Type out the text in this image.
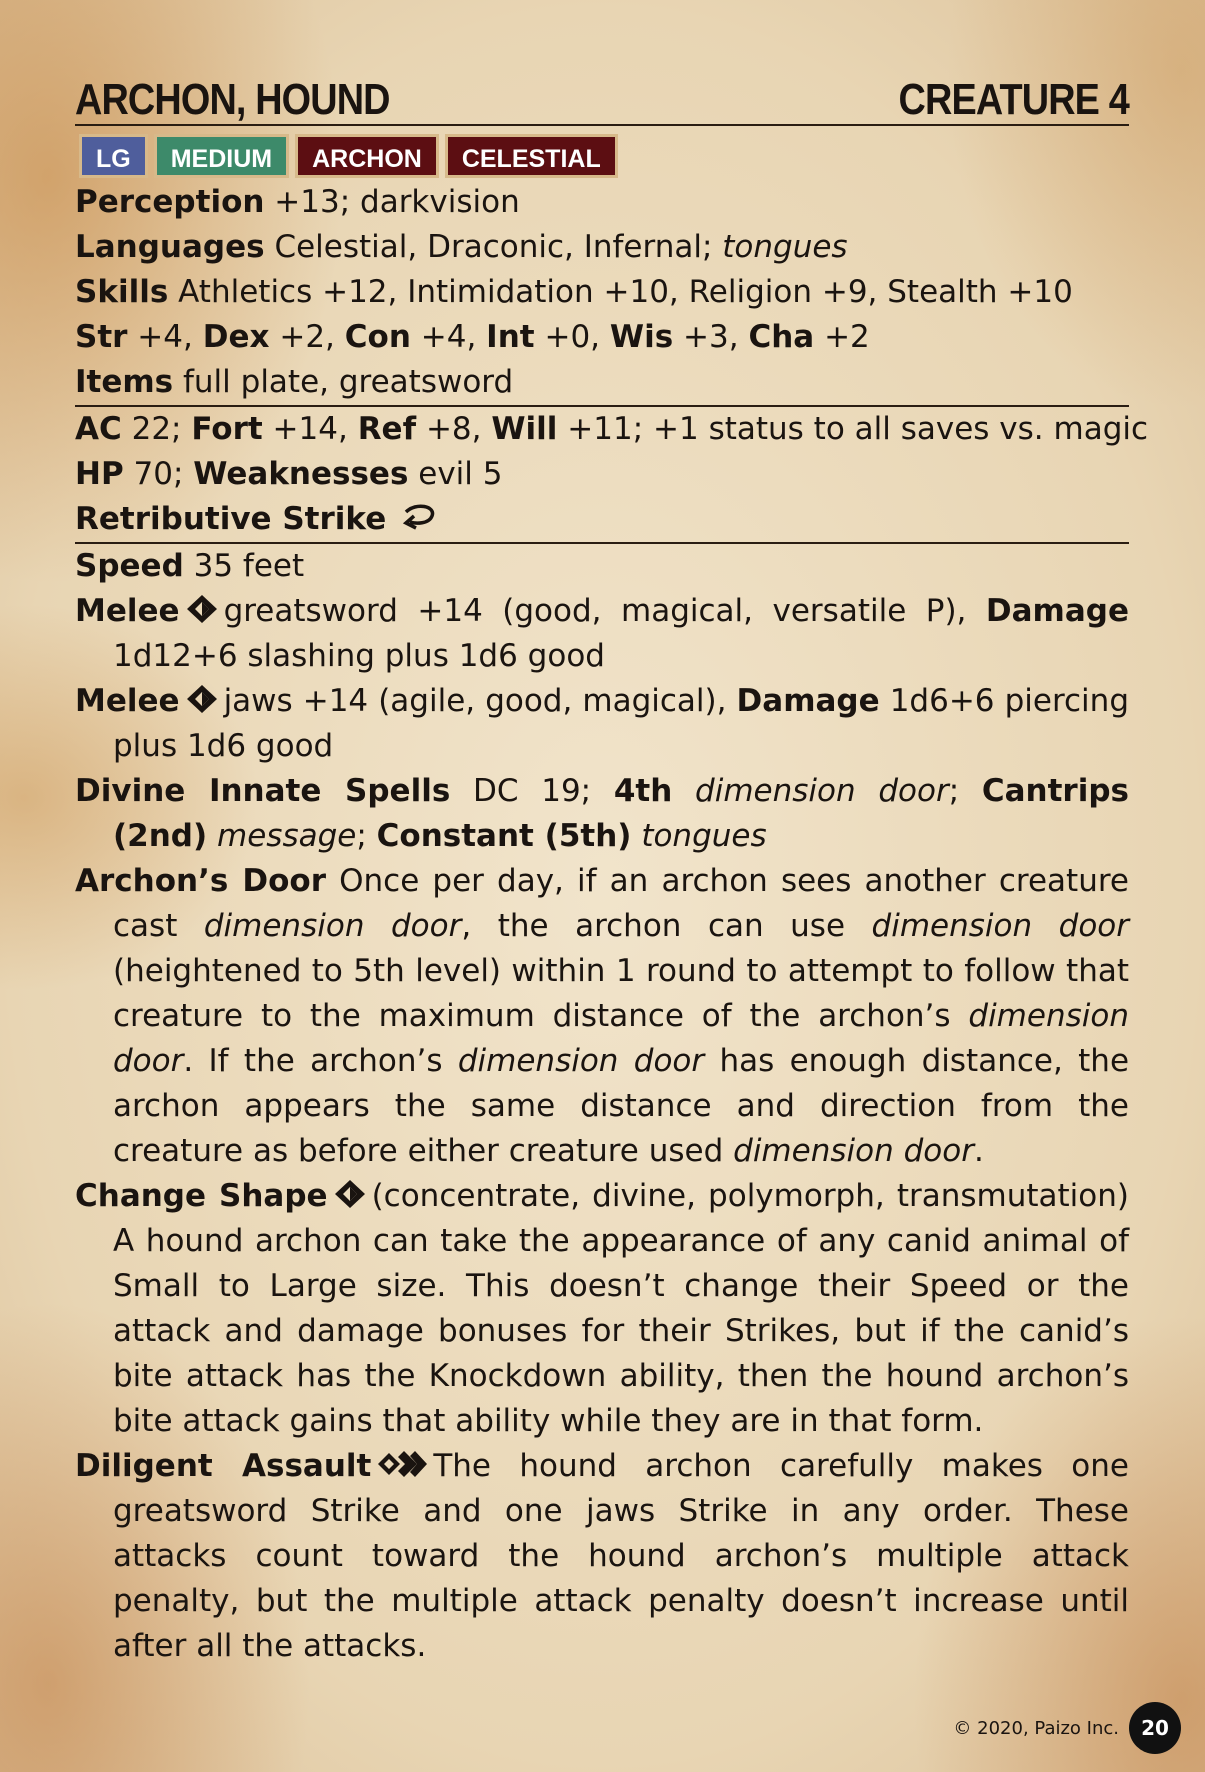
ARCHON, HOUND	CREATURE 4
LG	MEDIUM	ARCHON	CELESTIAL
Perception +13; darkvision
Languages Celestial, Draconic, Infernal; tongues
Skills Athletics +12, Intimidation +10, Religion +9, Stealth +10
Str +4, Dex +2, Con +4, Int +0, Wis +3, Cha +2
Items full plate, greatsword
AC 22; Fort +14, Ref +8, Will +11; +1 status to all saves vs. magic
HP 70; Weaknesses evil 5
Retributive Strike
Speed 35 feet
Melee greatsword +14 (good, magical, versatile P), Damage 1d12+6 slashing plus 1d6 good
Melee jaws +14 (agile, good, magical), Damage 1d6+6 piercing plus 1d6 good
Divine Innate Spells DC 19; 4th dimension door; Cantrips (2nd) message; Constant (5th) tongues
Archon’s Door Once per day, if an archon sees another creature cast dimension door, the archon can use dimension door (heightened to 5th level) within 1 round to attempt to follow that creature to the maximum distance of the archon’s dimension door. If the archon’s dimension door has enough distance, the archon appears the same distance and direction from the creature as before either creature used dimension door.
Change Shape (concentrate, divine, polymorph, transmutation) A hound archon can take the appearance of any canid animal of Small to Large size. This doesn’t change their Speed or the attack and damage bonuses for their Strikes, but if the canid’s bite attack has the Knockdown ability, then the hound archon’s bite attack gains that ability while they are in that form.
Diligent Assault The hound archon carefully makes one greatsword Strike and one jaws Strike in any order. These attacks count toward the hound archon’s multiple attack penalty, but the multiple attack penalty doesn’t increase until after all the attacks.
© 2020, Paizo Inc.	20
